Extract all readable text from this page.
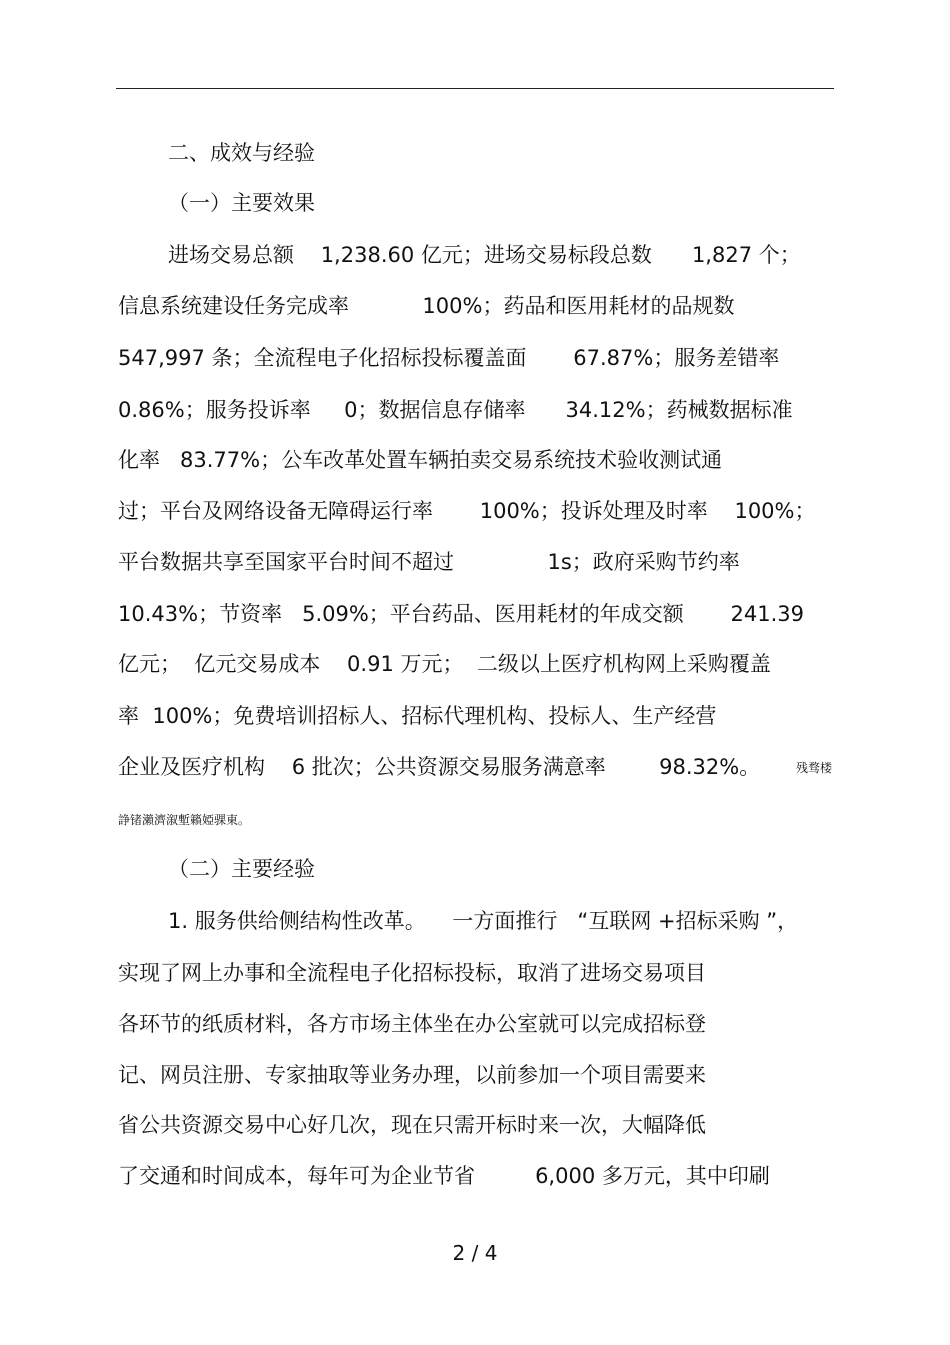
二、成效与经验
（一）主要效果
进场交易总额    1,238.60 亿元；进场交易标段总数      1,827 个；
信息系统建设任务完成率           100%；药品和医用耗材的品规数
547,997 条；全流程电子化招标投标覆盖面       67.87%；服务差错率
0.86%；服务投诉率     0；数据信息存储率      34.12%；药械数据标准
化率   83.77%；公车改革处置车辆拍卖交易系统技术验收测试通
过；平台及网络设备无障碍运行率       100%；投诉处理及时率    100%；
平台数据共享至国家平台时间不超过              1s；政府采购节约率
10.43%；节资率   5.09%；平台药品、医用耗材的年成交额       241.39
亿元；  亿元交易成本    0.91 万元；  二级以上医疗机构网上采购覆盖
率  100%；免费培训招标人、招标代理机构、投标人、生产经营
企业及医疗机构    6 批次；公共资源交易服务满意率        98.32%。	残骛楼
諍锗瀨濟溆塹籟婭骒東。
（二）主要经验
1. 服务供给侧结构性改革。    一方面推行   “互联网 +招标采购 ”，
实现了网上办事和全流程电子化招标投标，取消了进场交易项目
各环节的纸质材料，各方市场主体坐在办公室就可以完成招标登
记、网员注册、专家抽取等业务办理，以前参加一个项目需要来
省公共资源交易中心好几次，现在只需开标时来一次，大幅降低
了交通和时间成本，每年可为企业节省         6,000 多万元，其中印刷
2 / 4
